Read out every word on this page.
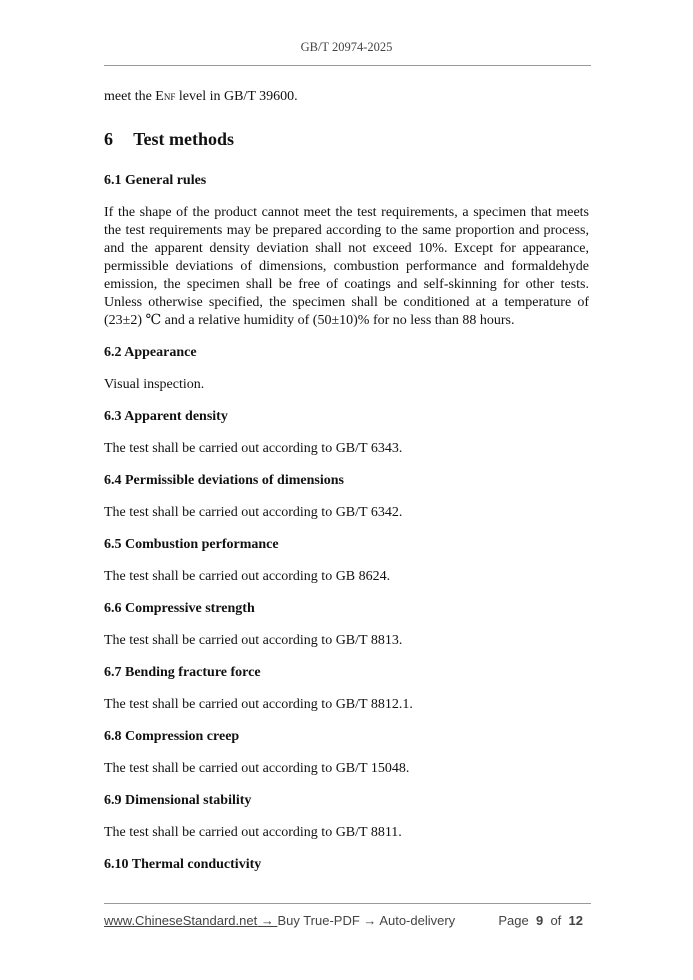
GB/T 20974-2025

meet the ENF level in GB/T 39600.

6 Test methods

6.1 General rules

If the shape of the product cannot meet the test requirements, a specimen that meets the test requirements may be prepared according to the same proportion and process, and the apparent density deviation shall not exceed 10%. Except for appearance, permissible deviations of dimensions, combustion performance and formaldehyde emission, the specimen shall be free of coatings and self-skinning for other tests. Unless otherwise specified, the specimen shall be conditioned at a temperature of (23±2) ℃ and a relative humidity of (50±10)% for no less than 88 hours.

6.2 Appearance

Visual inspection.

6.3 Apparent density

The test shall be carried out according to GB/T 6343.

6.4 Permissible deviations of dimensions

The test shall be carried out according to GB/T 6342.

6.5 Combustion performance

The test shall be carried out according to GB 8624.

6.6 Compressive strength

The test shall be carried out according to GB/T 8813.

6.7 Bending fracture force

The test shall be carried out according to GB/T 8812.1.

6.8 Compression creep

The test shall be carried out according to GB/T 15048.

6.9 Dimensional stability

The test shall be carried out according to GB/T 8811.

6.10 Thermal conductivity

www.ChineseStandard.net → Buy True-PDF → Auto-delivery	Page 9 of 12
